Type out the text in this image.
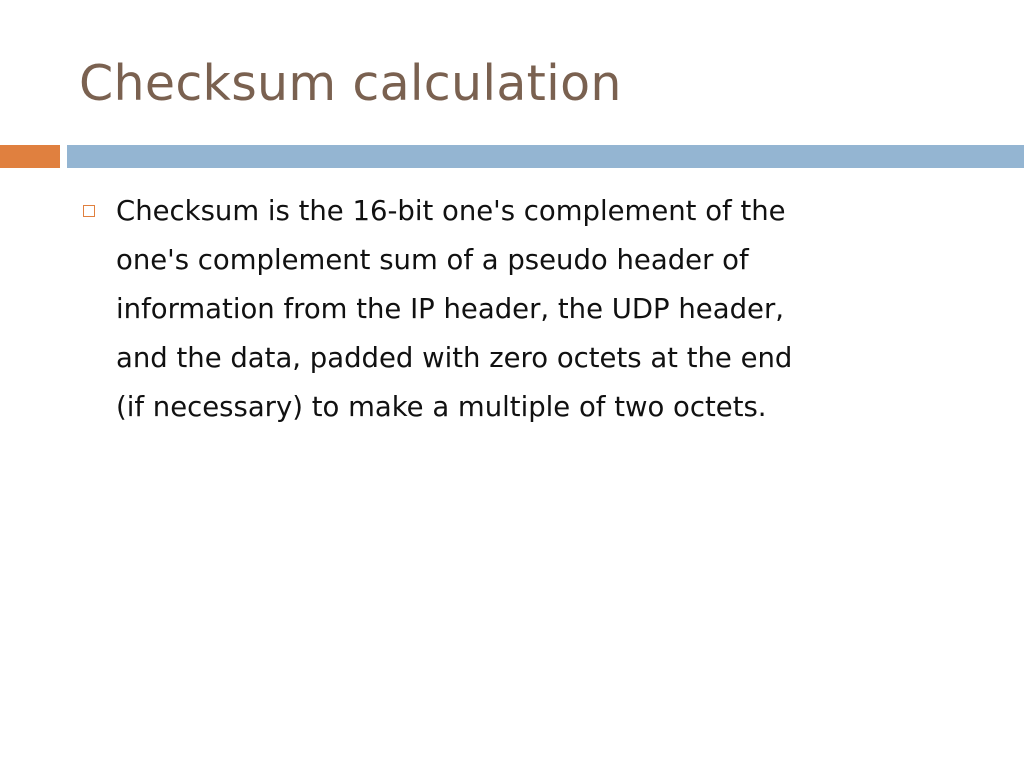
Checksum calculation
Checksum is the 16-bit one's complement of the
one's complement sum of a pseudo header of
information from the IP header, the UDP header,
and the data, padded with zero octets at the end
(if necessary) to make a multiple of two octets.
